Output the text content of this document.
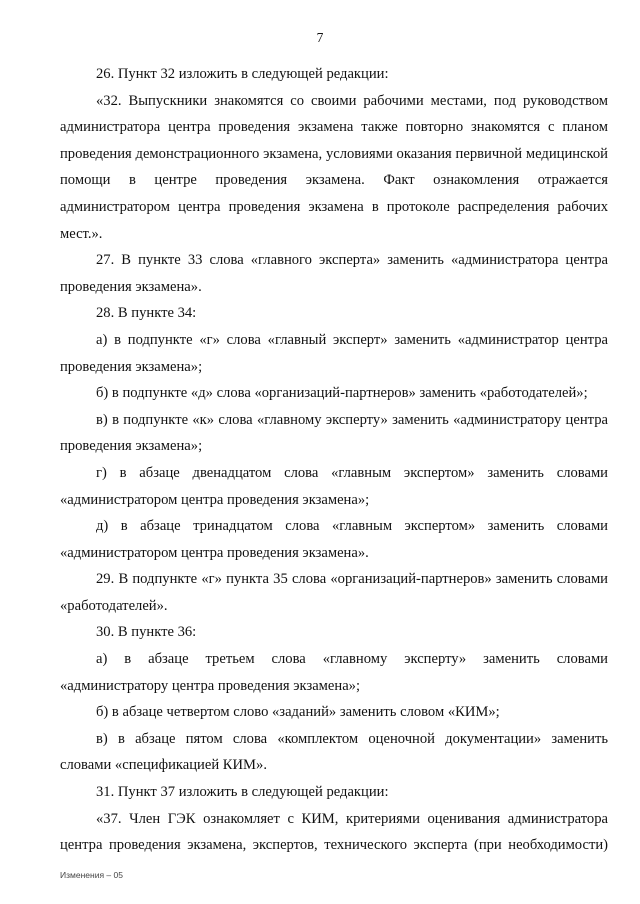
7

26. Пункт 32 изложить в следующей редакции:

«32. Выпускники знакомятся со своими рабочими местами, под руководством администратора центра проведения экзамена также повторно знакомятся с планом проведения демонстрационного экзамена, условиями оказания первичной медицинской помощи в центре проведения экзамена. Факт ознакомления отражается администратором центра проведения экзамена в протоколе распределения рабочих мест.».

27. В пункте 33 слова «главного эксперта» заменить «администратора центра проведения экзамена».

28. В пункте 34:

а) в подпункте «г» слова «главный эксперт» заменить «администратор центра проведения экзамена»;

б) в подпункте «д» слова «организаций-партнеров» заменить «работодателей»;

в) в подпункте «к» слова «главному эксперту» заменить «администратору центра проведения экзамена»;

г) в абзаце двенадцатом слова «главным экспертом» заменить словами «администратором центра проведения экзамена»;

д) в абзаце тринадцатом слова «главным экспертом» заменить словами «администратором центра проведения экзамена».

29. В подпункте «г» пункта 35 слова «организаций-партнеров» заменить словами «работодателей».

30. В пункте 36:

а) в абзаце третьем слова «главному эксперту» заменить словами «администратору центра проведения экзамена»;

б) в абзаце четвертом слово «заданий» заменить словом «КИМ»;

в) в абзаце пятом слова «комплектом оценочной документации» заменить словами «спецификацией КИМ».

31. Пункт 37 изложить в следующей редакции:

«37. Член ГЭК ознакомляет с КИМ, критериями оценивания администратора центра проведения экзамена, экспертов, технического эксперта (при необходимости)

Изменения – 05
